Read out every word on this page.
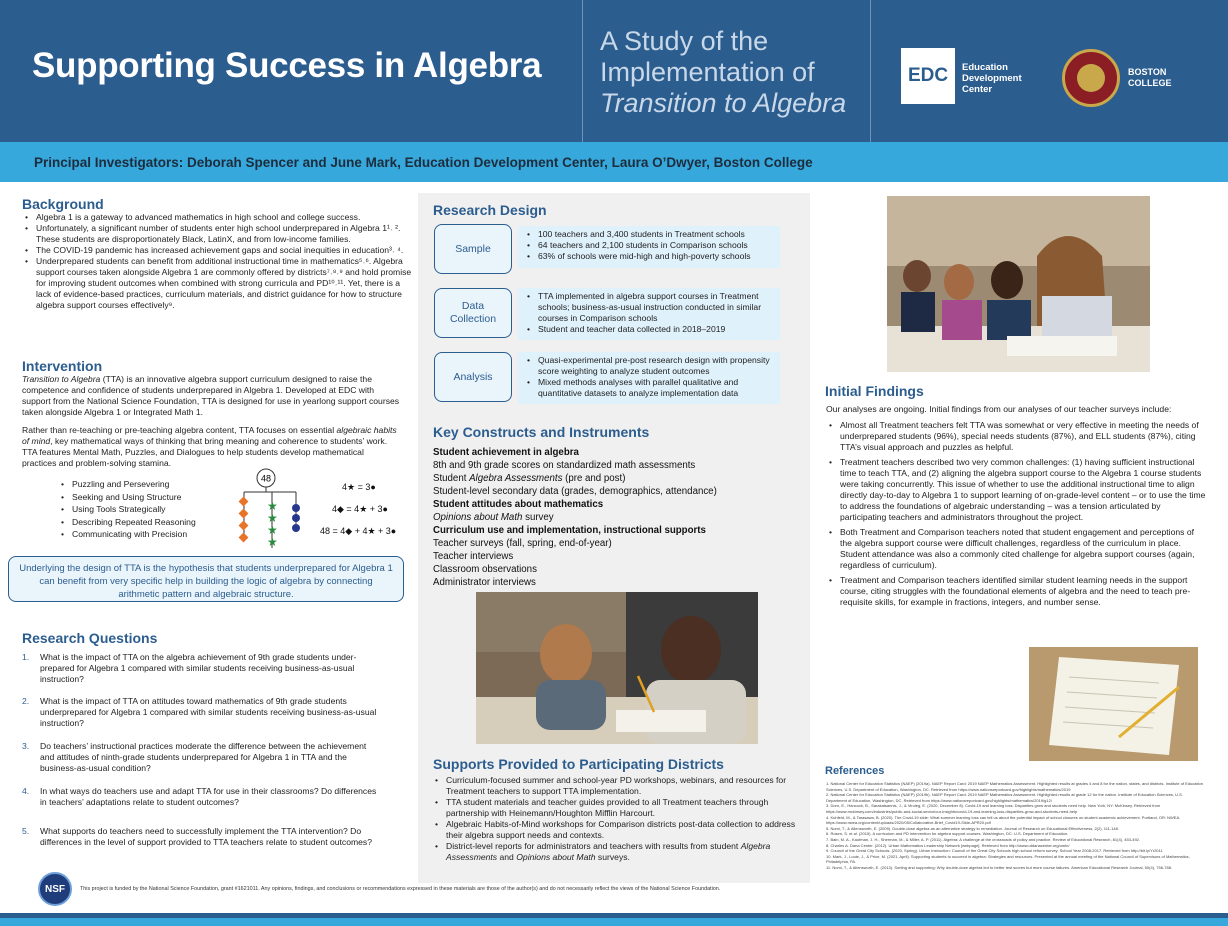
Supporting Success in Algebra
A Study of the
Implementation of
Transition to Algebra
EDC	Education
Development
Center
BOSTON
COLLEGE
Principal Investigators: Deborah Spencer and June Mark, Education Development Center, Laura O’Dwyer, Boston College
Background
• Algebra 1 is a gateway to advanced mathematics in high school and college success.
• Unfortunately, a significant number of students enter high school underprepared in Algebra 1¹˒ ². These students are disproportionately Black, LatinX, and from low-income families.
• The COVID-19 pandemic has increased achievement gaps and social inequities in education³˒ ⁴.
• Underprepared students can benefit from additional instructional time in mathematics⁵˒⁶. Algebra support courses taken alongside Algebra 1 are commonly offered by districts⁷˒⁸˒⁹ and hold promise for improving student outcomes when combined with strong curricula and PD¹⁰˒¹¹. Yet, there is a lack of evidence-based practices, curriculum materials, and district guidance for how to structure algebra support courses effectively⁹.
Intervention
Transition to Algebra (TTA) is an innovative algebra support curriculum designed to raise the competence and confidence of students underprepared in Algebra 1. Developed at EDC with support from the National Science Foundation, TTA is designed for use in yearlong support courses taken alongside Algebra 1 or Integrated Math 1.
Rather than re-teaching or pre-teaching algebra content, TTA focuses on essential algebraic habits of mind, key mathematical ways of thinking that bring meaning and coherence to students’ work. TTA features Mental Math, Puzzles, and Dialogues to help students develop mathematical practices and problem-solving stamina.
• Puzzling and Persevering
• Seeking and Using Structure
• Using Tools Strategically
• Describing Repeated Reasoning
• Communicating with Precision
48
★
★
★
★
4★ = 3●
4◆ = 4★ + 3●
48 = 4◆ + 4★ + 3●
Underlying the design of TTA is the hypothesis that students underprepared for Algebra 1 can benefit from very specific help in building the logic of algebra by connecting arithmetic pattern and algebraic structure.
Research Questions
1. What is the impact of TTA on the algebra achievement of 9th grade students under-prepared for Algebra 1 compared with similar students receiving business-as-usual instruction?
2. What is the impact of TTA on attitudes toward mathematics of 9th grade students underprepared for Algebra 1 compared with similar students receiving business-as-usual instruction?
3. Do teachers’ instructional practices moderate the difference between the achievement and attitudes of ninth-grade students underprepared for Algebra 1 in TTA and the business-as-usual condition?
4. In what ways do teachers use and adapt TTA for use in their classrooms? Do differences in teachers’ adaptations relate to student outcomes?
5. What supports do teachers need to successfully implement the TTA intervention? Do differences in the level of support provided to TTA teachers relate to student outcomes?
Research Design
Sample
• 100 teachers and 3,400 students in Treatment schools
• 64 teachers and 2,100 students in Comparison schools
• 63% of schools were mid-high and high-poverty schools
Data
Collection
• TTA implemented in algebra support courses in Treatment schools; business-as-usual instruction conducted in similar courses in Comparison schools
• Student and teacher data collected in 2018–2019
Analysis
• Quasi-experimental pre-post research design with propensity score weighting to analyze student outcomes
• Mixed methods analyses with parallel qualitative and quantitative datasets to analyze implementation data
Key Constructs and Instruments
Student achievement in algebra
8th and 9th grade scores on standardized math assessments
Student Algebra Assessments (pre and post)
Student-level secondary data (grades, demographics, attendance)
Student attitudes about mathematics
Opinions about Math survey
Curriculum use and implementation, instructional supports
Teacher surveys (fall, spring, end-of-year)
Teacher interviews
Classroom observations
Administrator interviews
Supports Provided to Participating Districts
• Curriculum-focused summer and school-year PD workshops, webinars, and resources for Treatment teachers to support TTA implementation.
• TTA student materials and teacher guides provided to all Treatment teachers through partnership with Heinemann/Houghton Mifflin Harcourt.
• Algebraic Habits-of-Mind workshops for Comparison districts post-data collection to address their algebra support needs and contexts.
• District-level reports for administrators and teachers with results from student Algebra Assessments and Opinions about Math surveys.
Initial Findings
Our analyses are ongoing. Initial findings from our analyses of our teacher surveys include:
• Almost all Treatment teachers felt TTA was somewhat or very effective in meeting the needs of underprepared students (96%), special needs students (87%), and ELL students (87%), citing TTA’s visual approach and puzzles as helpful.
• Treatment teachers described two very common challenges: (1) having sufficient instructional time to teach TTA, and (2) aligning the algebra support course to the Algebra 1 course students were taking concurrently. This issue of whether to use the additional instructional time to align directly day-to-day to Algebra 1 to support learning of on-grade-level content – or to use the time to address the foundations of algebraic understanding – was a tension articulated by participating teachers and administrators throughout the project.
• Both Treatment and Comparison teachers noted that student engagement and perceptions of the algebra support course were difficult challenges, regardless of the curriculum in place. Student attendance was also a commonly cited challenge for algebra support courses (again, regardless of curriculum).
• Treatment and Comparison teachers identified similar student learning needs in the support course, citing struggles with the foundational elements of algebra and the need to teach pre-requisite skills, for example in fractions, integers, and number sense.
References
1. National Center for Education Statistics (NAEP) (2019a). NAEP Report Card: 2019 NAEP Mathematics Assessment. Highlighted results at grades 4 and 8 for the nation, states, and districts. Institute of Education
Sciences, U.S. Department of Education, Washington, DC. Retrieved from https://www.nationsreportcard.gov/highlights/mathematics/2019
2. National Center for Education Statistics (NAEP) (2019b). NAEP Report Card: 2019 NAEP Mathematics Assessment. Highlighted results at grade 12 for the nation. Institute of Education Sciences, U.S.
Department of Education, Washington, DC. Retrieved from https://www.nationsreportcard.gov/highlights/mathematics/2019/g12/
3. Dorn, E., Hancock, B., Sarakatsannis, J., & Viruleg, E. (2020, December 8). Covid-19 and learning loss: Disparities grow and students need help. New York, NY: McKinsey. Retrieved from
https://www.mckinsey.com/industries/public-and-social-sector/our-insights/covid-19-and-learning-loss-disparities-grow-and-students-need-help
4. Kuhfeld, M., & Tarasawa, B. (2020). The Covid-19 slide: What summer learning loss can tell us about the potential impact of school closures on student academic achievement. Portland, OR: NWEA.
https://www.nwea.org/content/uploads/2020/05/Collaborative-Brief_Covid19-Slide-APR20.pdf
5. Nomi, T., & Allensworth, E. (2009). Double-dose algebra as an alternative strategy to remediation. Journal of Research on Educational Effectiveness, 2(2), 111-148.
6. Rosen, S. et al. (2010). A curriculum and PD intervention for algebra support courses. Washington, DC: U.S. Department of Education.
7. Bain, M. A., Kaufman, J. H., Sherman, M., & Miller, A. P. (2011). Algebra: A challenge at the crossroads of policy and practice. Review of Educational Research, 81(4), 453-492.
8. Charles A. Dana Center. (2012). Urban Mathematics Leadership Network [webpage]. Retrieved from http://www.utdanacenter.org/umln/
9. Council of the Great City Schools. (2020, Spring). Urban Instruction: Council of the Great City Schools high school reform survey. School Year 2008-2017. Retrieved from http://bit.ly/Yr2011
10. Mark, J., Louie, J., & Price, M. (2021, April). Supporting students to succeed in algebra: Strategies and resources. Presented at the annual meeting of the National Council of Supervisors of Mathematics,
Philadelphia, PA.
11. Nomi, T., & Allensworth, E. (2013). Sorting and supporting: Why double-dose algebra led to better test scores but more course failures. American Educational Research Journal, 50(4), 756-788.
NSF	This project is funded by the National Science Foundation, grant #1621011. Any opinions, findings, and conclusions or recommendations expressed in these materials are those of the author(s) and do not necessarily reflect the views of the National Science Foundation.
